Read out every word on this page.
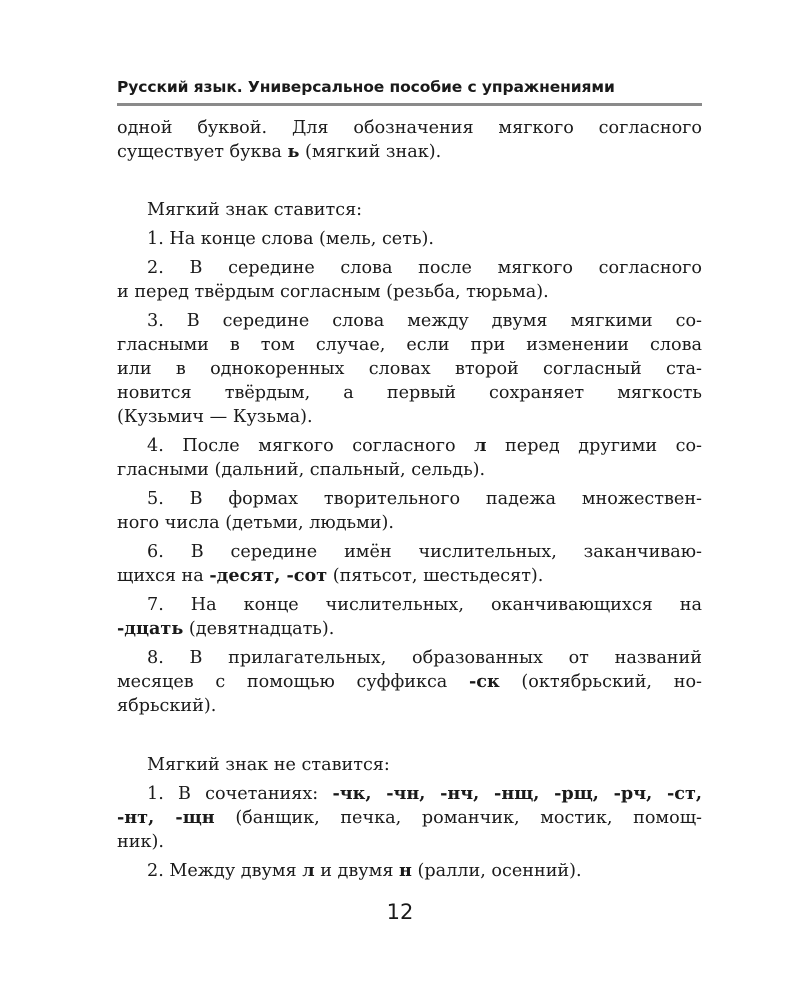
Русский язык. Универсальное пособие с упражнениями
одной буквой. Для обозначения мягкого согласного
существует буква ь (мягкий знак).
Мягкий знак ставится:
1. На конце слова (мель, сеть).
2. В середине слова после мягкого согласного
и перед твёрдым согласным (резьба, тюрьма).
3. В середине слова между двумя мягкими со-
гласными в том случае, если при изменении слова
или в однокоренных словах второй согласный ста-
новится твёрдым, а первый сохраняет мягкость
(Кузьмич — Кузьма).
4. После мягкого согласного л перед другими со-
гласными (дальний, спальный, сельдь).
5. В формах творительного падежа множествен-
ного числа (детьми, людьми).
6. В середине имён числительных, заканчиваю-
щихся на -десят, -сот (пятьсот, шестьдесят).
7. На конце числительных, оканчивающихся на
-дцать (девятнадцать).
8. В прилагательных, образованных от названий
месяцев с помощью суффикса -ск (октябрьский, но-
ябрьский).
Мягкий знак не ставится:
1. В сочетаниях: -чк, -чн, -нч, -нщ, -рщ, -рч, -ст,
-нт, -щн (банщик, печка, романчик, мостик, помощ-
ник).
2. Между двумя л и двумя н (ралли, осенний).
12
